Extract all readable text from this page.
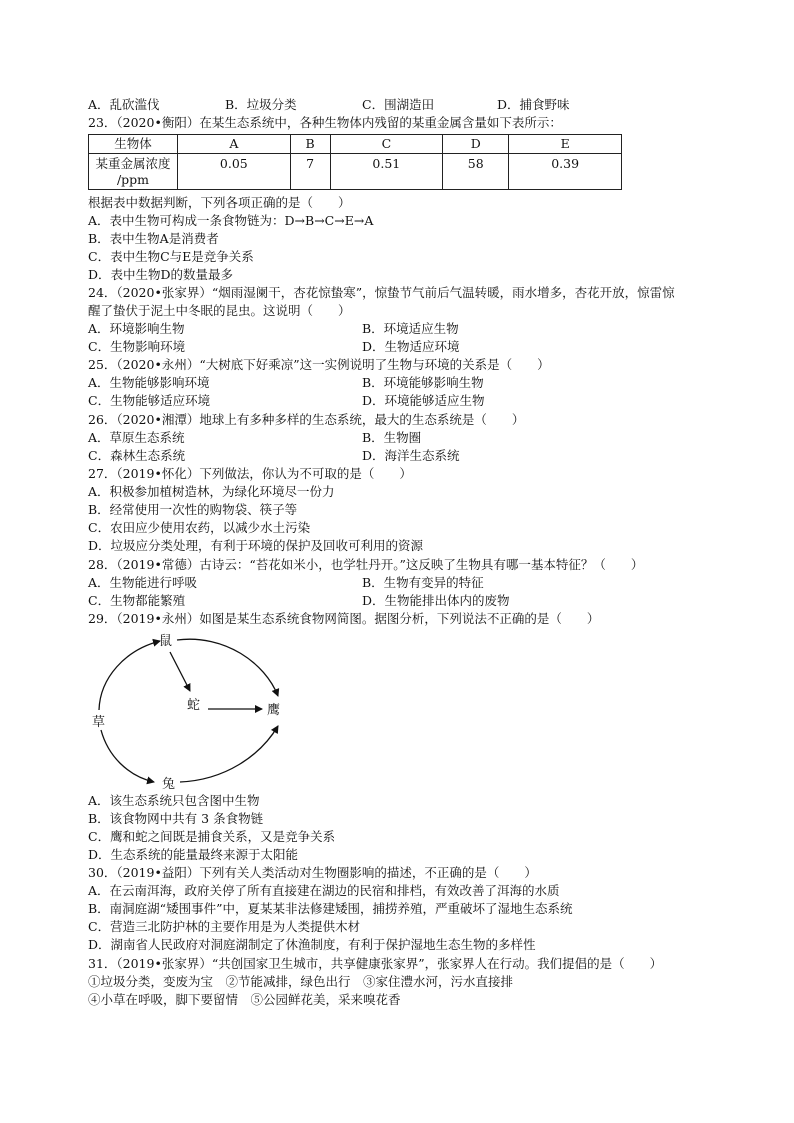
A．乱砍滥伐	B．垃圾分类	C．围湖造田	D．捕食野味
23．（2020•衡阳）在某生态系统中，各种生物体内残留的某重金属含量如下表所示：
生物体	A	B	C	D	E

某重金属浓度
/ppm	0.05	7	0.51	58	0.39
根据表中数据判断，下列各项正确的是（　　）
A．表中生物可构成一条食物链为：D→B→C→E→A
B．表中生物A是消费者
C．表中生物C与E是竞争关系
D．表中生物D的数量最多
24．（2020•张家界）“烟雨湿阑干，杏花惊蛰寒”，惊蛰节气前后气温转暖，雨水增多，杏花开放，惊雷惊
醒了蛰伏于泥土中冬眠的昆虫。这说明（　　）
A．环境影响生物	B．环境适应生物
C．生物影响环境	D．生物适应环境
25．（2020•永州）“大树底下好乘凉”这一实例说明了生物与环境的关系是（　　）
A．生物能够影响环境	B．环境能够影响生物
C．生物能够适应环境	D．环境能够适应生物
26．（2020•湘潭）地球上有多种多样的生态系统，最大的生态系统是（　　）
A．草原生态系统	B．生物圈
C．森林生态系统	D．海洋生态系统
27．（2019•怀化）下列做法，你认为不可取的是（　　）
A．积极参加植树造林，为绿化环境尽一份力
B．经常使用一次性的购物袋、筷子等
C．农田应少使用农药，以减少水土污染
D．垃圾应分类处理，有利于环境的保护及回收可利用的资源
28．（2019•常德）古诗云：“苔花如米小，也学牡丹开。”这反映了生物具有哪一基本特征？（　　）
A．生物能进行呼吸	B．生物有变异的特征
C．生物都能繁殖	D．生物能排出体内的废物
29．（2019•永州）如图是某生态系统食物网简图。据图分析，下列说法不正确的是（　　）
鼠
蛇
草
鹰
兔
A．该生态系统只包含图中生物
B．该食物网中共有 3 条食物链
C．鹰和蛇之间既是捕食关系，又是竞争关系
D．生态系统的能量最终来源于太阳能
30．（2019•益阳）下列有关人类活动对生物圈影响的描述，不正确的是（　　）
A．在云南洱海，政府关停了所有直接建在湖边的民宿和排档，有效改善了洱海的水质
B．南洞庭湖“矮围事件”中，夏某某非法修建矮围，捕捞养殖，严重破坏了湿地生态系统
C．营造三北防护林的主要作用是为人类提供木材
D．湖南省人民政府对洞庭湖制定了休渔制度，有利于保护湿地生态生物的多样性
31．（2019•张家界）“共创国家卫生城市，共享健康张家界”，张家界人在行动。我们提倡的是（　　）
①垃圾分类，变废为宝　②节能减排，绿色出行　③家住澧水河，污水直接排
④小草在呼吸，脚下要留情　⑤公园鲜花美，采来嗅花香
